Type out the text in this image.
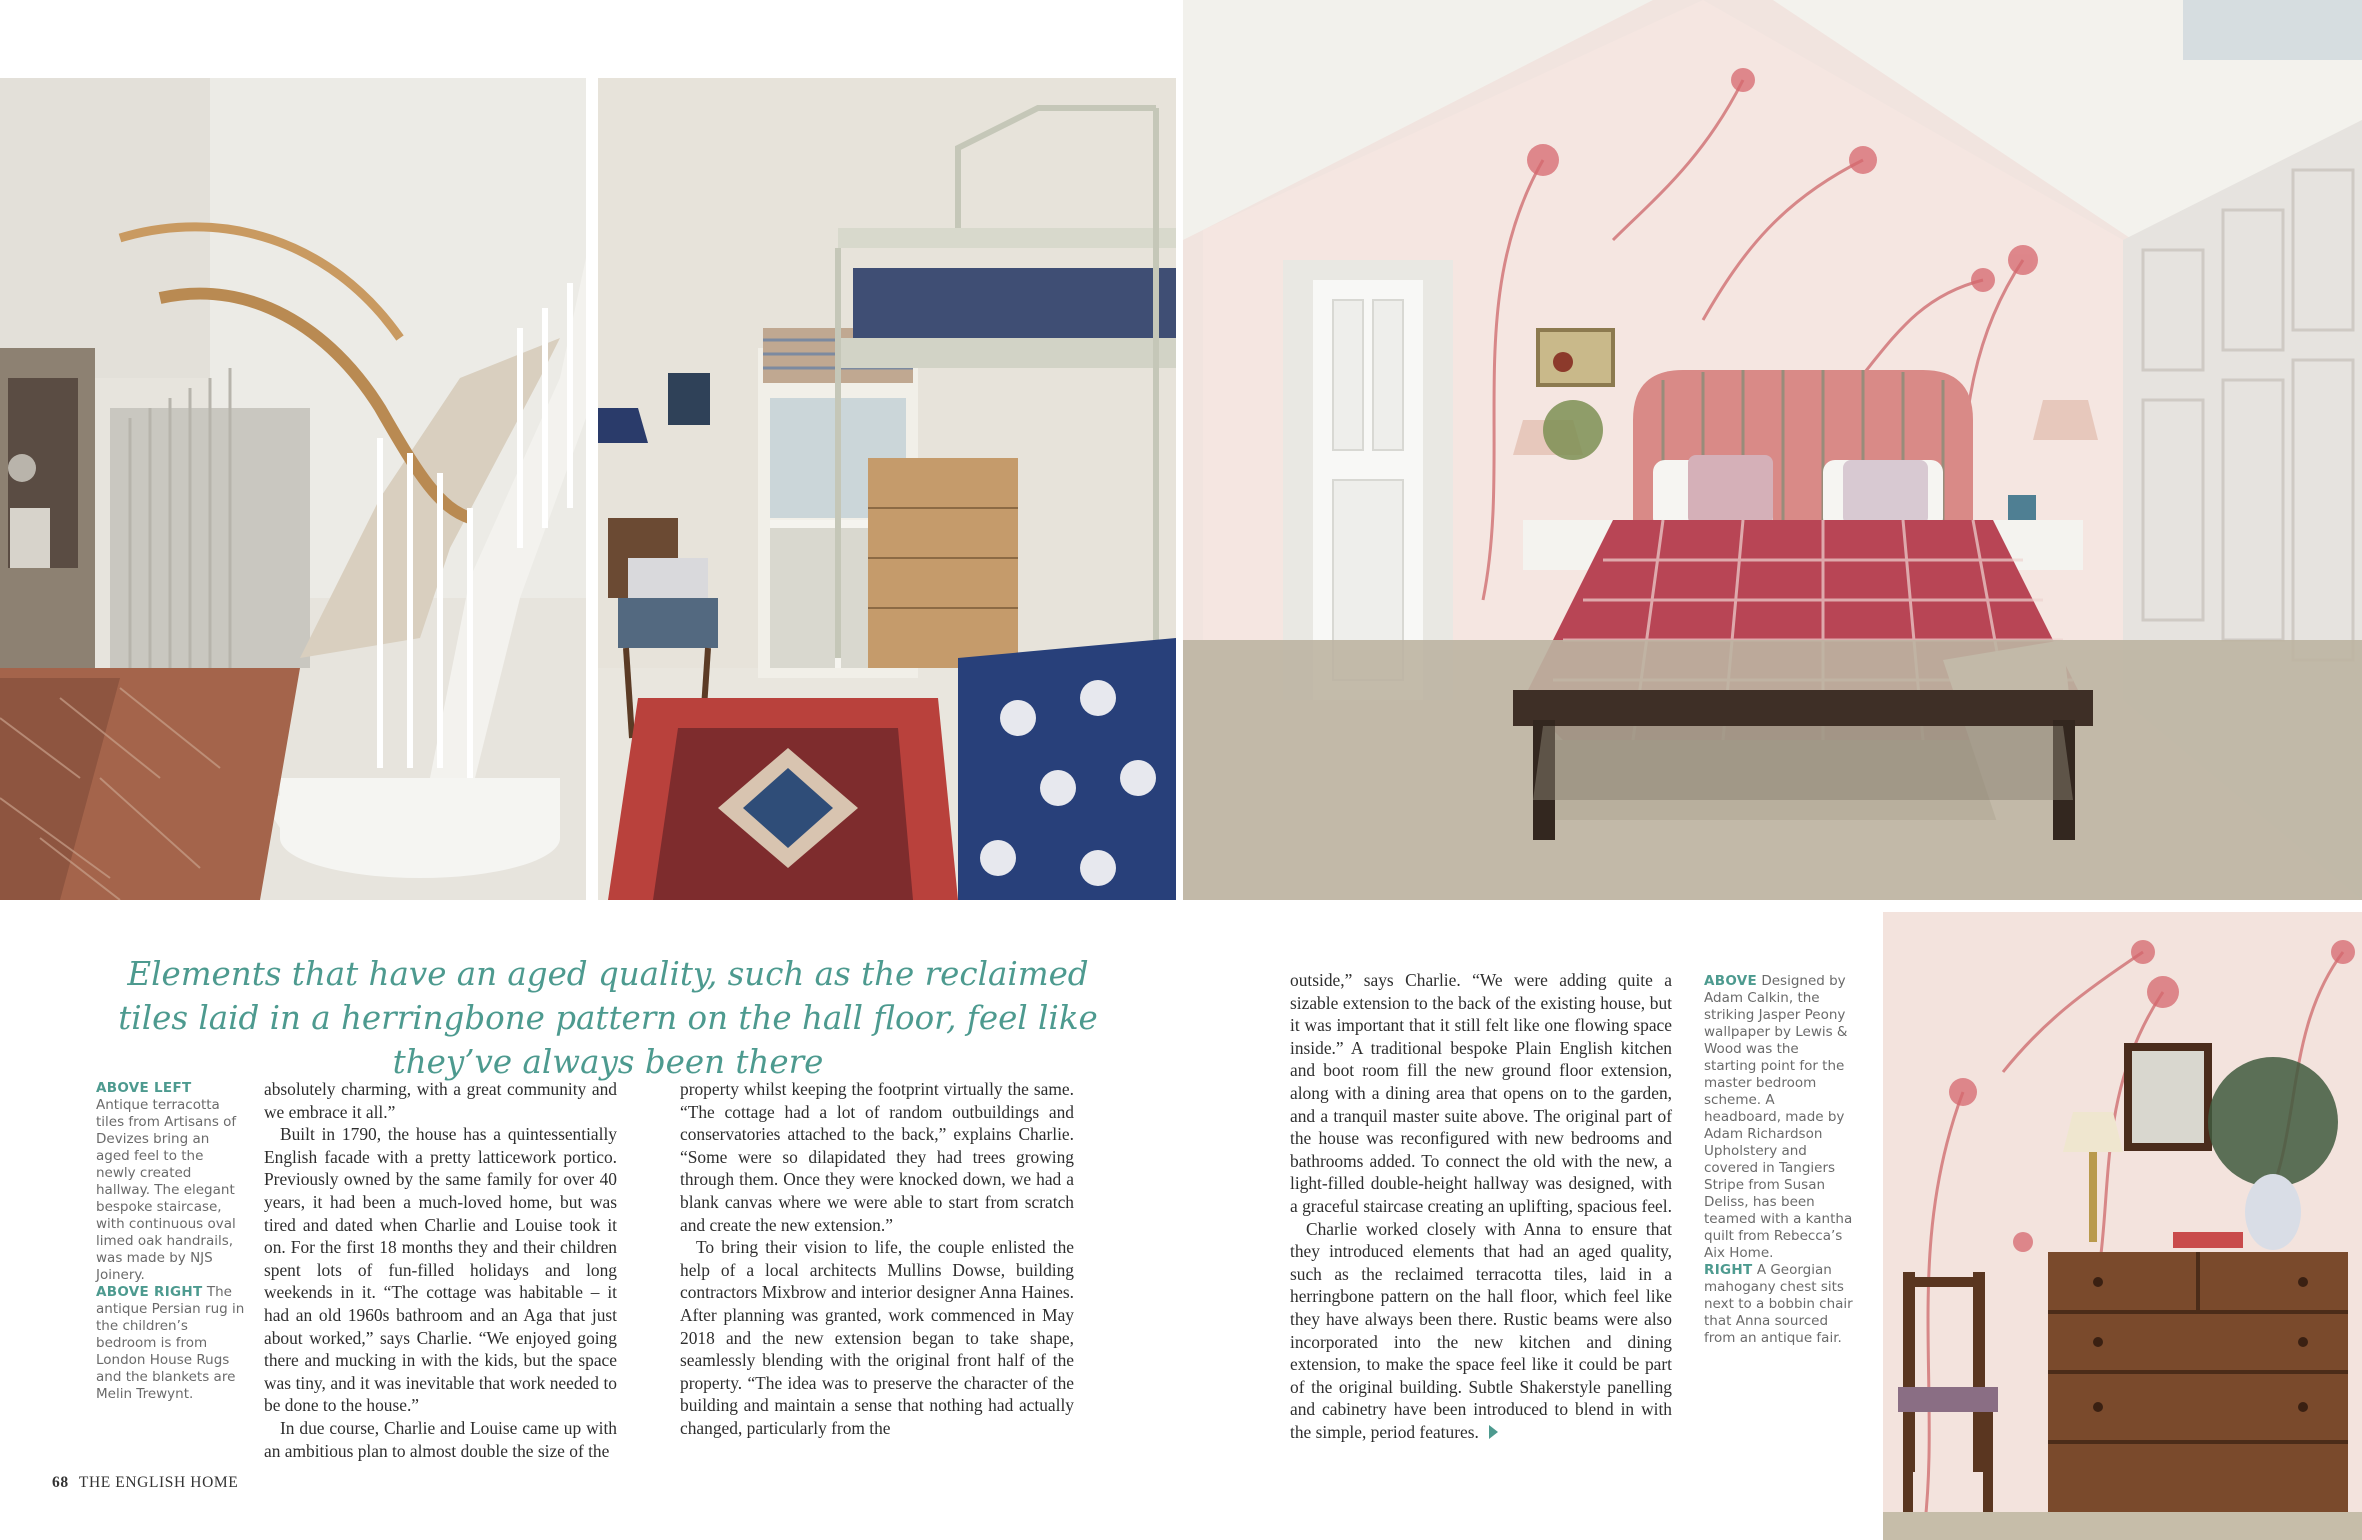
Elements that have an aged quality, such as the reclaimed tiles laid in a herringbone pattern on the hall floor, feel like they’ve always been there

ABOVE LEFT Antique terracotta tiles from Artisans of Devizes bring an aged feel to the newly created hallway. The elegant bespoke staircase, with continuous oval limed oak handrails, was made by NJS Joinery.

ABOVE RIGHT The antique Persian rug in the children’s bedroom is from London House Rugs and the blankets are Melin Trewynt.

absolutely charming, with a great community and we embrace it all.”

Built in 1790, the house has a quintessentially English facade with a pretty latticework portico. Previously owned by the same family for over 40 years, it had been a much-loved home, but was tired and dated when Charlie and Louise took it on. For the first 18 months they and their children spent lots of fun-filled holidays and long weekends in it. “The cottage was habitable – it had an old 1960s bathroom and an Aga that just about worked,” says Charlie. “We enjoyed going there and mucking in with the kids, but the space was tiny, and it was inevitable that work needed to be done to the house.”

In due course, Charlie and Louise came up with an ambitious plan to almost double the size of the

property whilst keeping the footprint virtually the same. “The cottage had a lot of random outbuildings and conservatories attached to the back,” explains Charlie. “Some were so dilapidated they had trees growing through them. Once they were knocked down, we had a blank canvas where we were able to start from scratch and create the new extension.”

To bring their vision to life, the couple enlisted the help of a local architects Mullins Dowse, building contractors Mixbrow and interior designer Anna Haines. After planning was granted, work commenced in May 2018 and the new extension began to take shape, seamlessly blending with the original front half of the property. “The idea was to preserve the character of the building and maintain a sense that nothing had actually changed, particularly from the

outside,” says Charlie. “We were adding quite a sizable extension to the back of the existing house, but it was important that it still felt like one flowing space inside.” A traditional bespoke Plain English kitchen and boot room fill the new ground floor extension, along with a dining area that opens on to the garden, and a tranquil master suite above. The original part of the house was reconfigured with new bedrooms and bathrooms added. To connect the old with the new, a light-filled double-height hallway was designed, with a graceful staircase creating an uplifting, spacious feel.

Charlie worked closely with Anna to ensure that they introduced elements that had an aged quality, such as the reclaimed terracotta tiles, laid in a herringbone pattern on the hall floor, which feel like they have always been there. Rustic beams were also incorporated into the new kitchen and dining extension, to make the space feel like it could be part of the original building. Subtle Shakerstyle panelling and cabinetry have been introduced to blend in with the simple, period features.

ABOVE Designed by Adam Calkin, the striking Jasper Peony wallpaper by Lewis & Wood was the starting point for the master bedroom scheme. A headboard, made by Adam Richardson Upholstery and covered in Tangiers Stripe from Susan Deliss, has been teamed with a kantha quilt from Rebecca’s Aix Home.

RIGHT A Georgian mahogany chest sits next to a bobbin chair that Anna sourced from an antique fair.

68 THE ENGLISH HOME
